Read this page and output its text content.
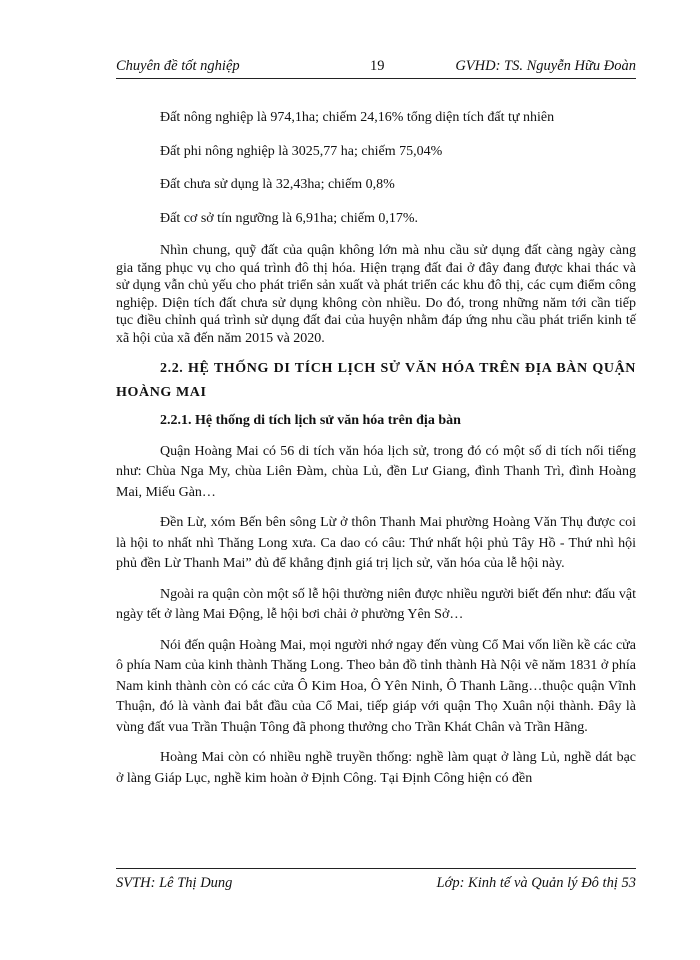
Chuyên đề tốt nghiệp	19	GVHD: TS. Nguyễn Hữu Đoàn

Đất nông nghiệp là 974,1ha; chiếm 24,16% tổng diện tích đất tự nhiên

Đất phi nông nghiệp là 3025,77 ha; chiếm 75,04%

Đất chưa sử dụng là 32,43ha; chiếm 0,8%

Đất cơ sở tín ngưỡng là 6,91ha; chiếm 0,17%.

Nhìn chung, quỹ đất của quận không lớn mà nhu cầu sử dụng đất càng ngày càng gia tăng phục vụ cho quá trình đô thị hóa. Hiện trạng đất đai ở đây đang được khai thác và sử dụng vẫn chủ yếu cho phát triển sản xuất và phát triển các khu đô thị, các cụm điểm công nghiệp. Diện tích đất chưa sử dụng không còn nhiều. Do đó, trong những năm tới cần tiếp tục điều chỉnh quá trình sử dụng đất đai của huyện nhằm đáp ứng nhu cầu phát triển kinh tế xã hội của xã đến năm 2015 và 2020.

2.2. HỆ THỐNG DI TÍCH LỊCH SỬ VĂN HÓA TRÊN ĐỊA BÀN QUẬN HOÀNG MAI

2.2.1. Hệ thống di tích lịch sử văn hóa trên địa bàn

Quận Hoàng Mai có 56 di tích văn hóa lịch sử, trong đó có một số di tích nổi tiếng như: Chùa Nga My, chùa Liên Đàm, chùa Lủ, đền Lư Giang, đình Thanh Trì, đình Hoàng Mai, Miếu Gàn…

Đền Lừ, xóm Bến bên sông Lừ ở thôn Thanh Mai phường Hoàng Văn Thụ được coi là hội to nhất nhì Thăng Long xưa. Ca dao có câu: Thứ nhất hội phủ Tây Hồ - Thứ nhì hội phủ đền Lừ Thanh Mai” đủ để khẳng định giá trị lịch sử, văn hóa của lễ hội này.

Ngoài ra quận còn một số lễ hội thường niên được nhiều người biết đến như: đấu vật ngày tết ở làng Mai Động, lễ hội bơi chải ở phường Yên Sở…

Nói đến quận Hoàng Mai, mọi người nhớ ngay đến vùng Cổ Mai vốn liền kề các cửa ô phía Nam của kinh thành Thăng Long. Theo bản đồ tỉnh thành Hà Nội vẽ năm 1831 ở phía Nam kinh thành còn có các cửa Ô Kim Hoa, Ô Yên Ninh, Ô Thanh Lãng…thuộc quận Vĩnh Thuận, đó là vành đai bắt đầu của Cổ Mai, tiếp giáp với quận Thọ Xuân nội thành. Đây là vùng đất vua Trần Thuận Tông đã phong thưởng cho Trần Khát Chân và Trần Hãng.

Hoàng Mai còn có nhiều nghề truyền thống: nghề làm quạt ở làng Lủ, nghề dát bạc ở làng Giáp Lục, nghề kim hoàn ở Định Công. Tại Định Công hiện có đền

SVTH: Lê Thị Dung	Lớp: Kinh tế và Quản lý Đô thị 53
